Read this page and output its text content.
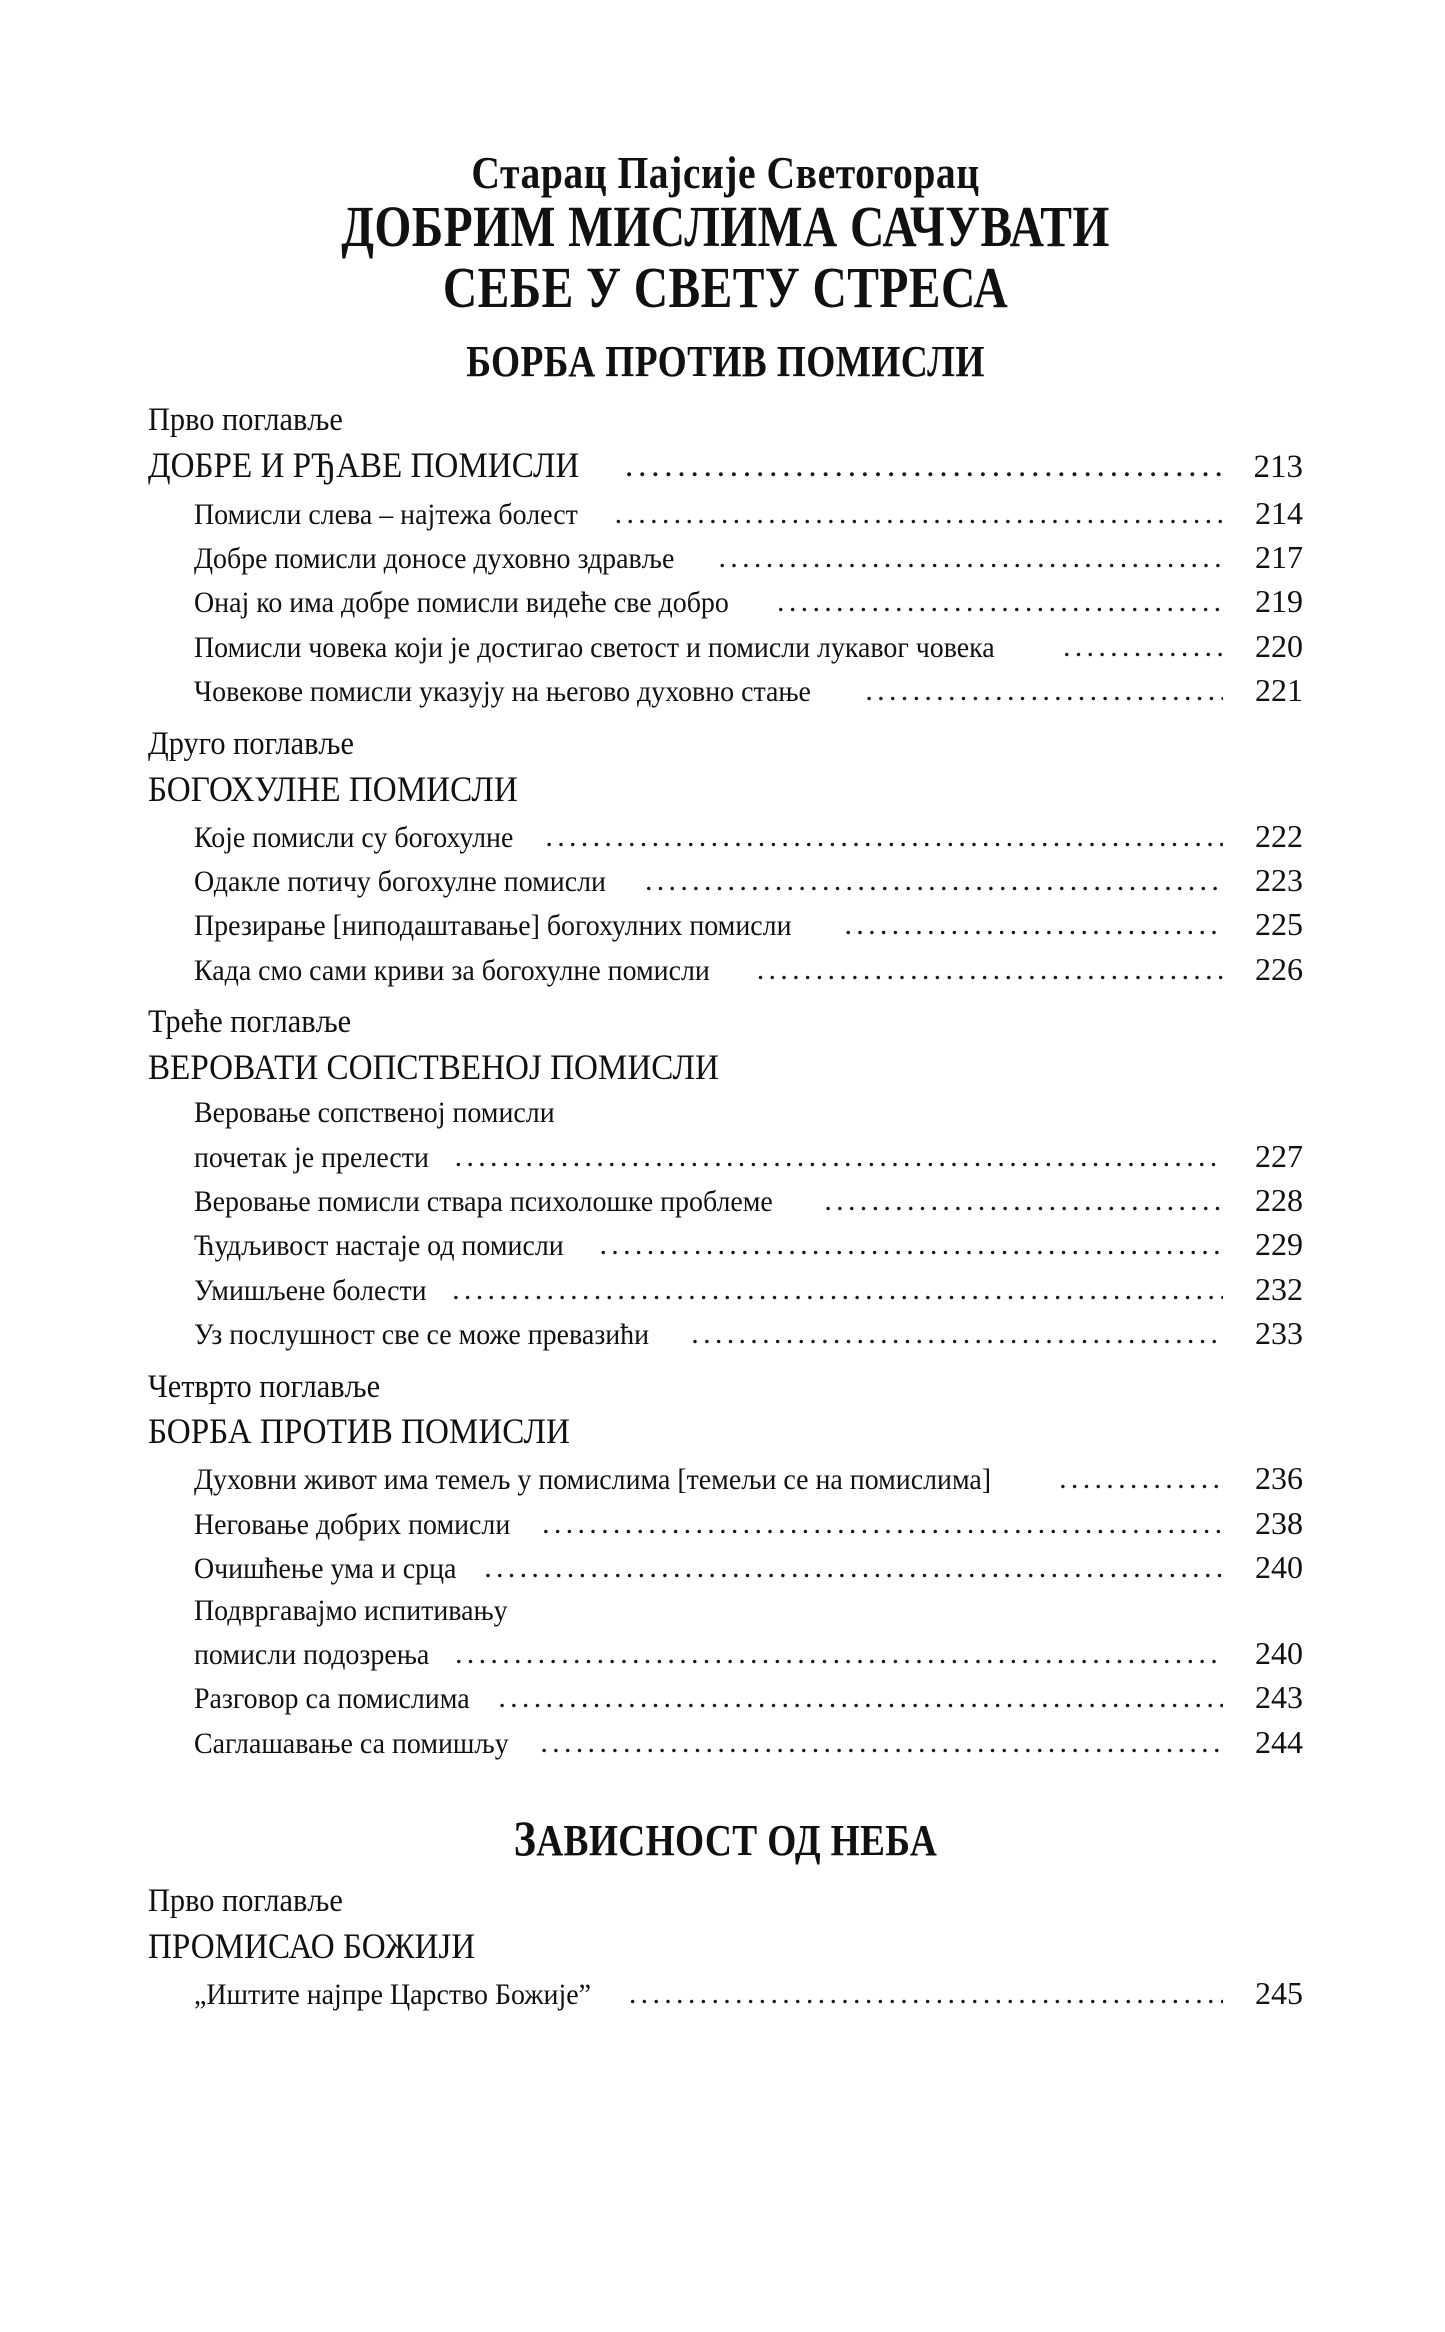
Старац Пајсије Светогорац
ДОБРИМ МИСЛИМА САЧУВАТИ
СЕБЕ У СВЕТУ СТРЕСА
БОРБА ПРОТИВ ПОМИСЛИ
Прво поглавље
ДОБРЕ И РЂАВЕ ПОМИСЛИ .....	213
Помисли слева – најтежа болест .....	214
Добре помисли доносе духовно здравље .....	217
Онај ко има добре помисли видеће све добро .....	219
Помисли човека који је достигао светост и помисли лукавог човека .....	220
Човекове помисли указују на његово духовно стање .....	221
Друго поглавље
БОГОХУЛНЕ ПОМИСЛИ
Које помисли су богохулне .....	222
Одакле потичу богохулне помисли .....	223
Презирање [ниподаштавање] богохулних помисли .....	225
Када смо сами криви за богохулне помисли .....	226
Треће поглавље
ВЕРОВАТИ СОПСТВЕНОЈ ПОМИСЛИ
Веровање сопственој помисли
почетак је прелести .....	227
Веровање помисли ствара психолошке проблеме .....	228
Ћудљивост настаје од помисли .....	229
Умишљене болести .....	232
Уз послушност све се може превазићи .....	233
Четврто поглавље
БОРБА ПРОТИВ ПОМИСЛИ
Духовни живот има темељ у помислима [темељи се на помислима] .....	236
Неговање добрих помисли .....	238
Очишћење ума и срца .....	240
Подвргавајмо испитивању
помисли подозрења .....	240
Разговор са помислима .....	243
Саглашавање са помишљу .....	244
ЗАВИСНОСТ ОД НЕБА
Прво поглавље
ПРОМИСАО БОЖИЈИ
„Иштите најпре Царство Божије” .....	245
